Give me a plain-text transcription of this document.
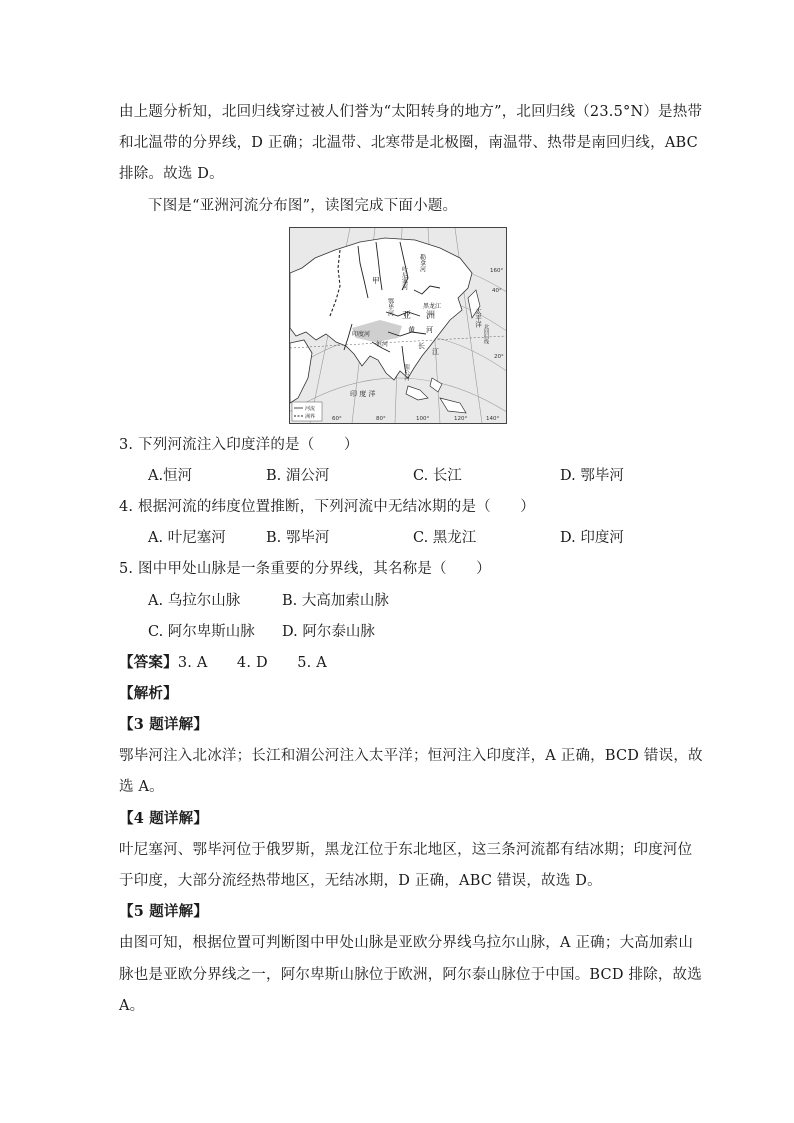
由上题分析知，北回归线穿过被人们誉为“太阳转身的地方”，北回归线（23.5°N）是热带
和北温带的分界线，D 正确；北温带、北寒带是北极圈，南温带、热带是南回归线，ABC
排除。故选 D。
下图是“亚洲河流分布图”，读图完成下面小题。
甲
鄂毕河
叶尼塞河
勒拿河
黑龙江
太平洋
亚 洲
印度河
恒河
黄 河
长
江
湄公河
印 度 洋
北回归线
60°	80°	100°	120°	140°
160°
40°
20°
河流
洲界
3. 下列河流注入印度洋的是（　　）
A.恒河	B. 湄公河	C. 长江	D. 鄂毕河
4. 根据河流的纬度位置推断，下列河流中无结冰期的是（　　）
A. 叶尼塞河	B. 鄂毕河	C. 黑龙江	D. 印度河
5. 图中甲处山脉是一条重要的分界线，其名称是（　　）
A. 乌拉尔山脉	B. 大高加索山脉
C. 阿尔卑斯山脉 D. 阿尔泰山脉
【答案】3. A　　4. D　　5. A
【解析】
【3 题详解】
鄂毕河注入北冰洋；长江和湄公河注入太平洋；恒河注入印度洋，A 正确，BCD 错误，故
选 A。
【4 题详解】
叶尼塞河、鄂毕河位于俄罗斯，黑龙江位于东北地区，这三条河流都有结冰期；印度河位
于印度，大部分流经热带地区，无结冰期，D 正确，ABC 错误，故选 D。
【5 题详解】
由图可知，根据位置可判断图中甲处山脉是亚欧分界线乌拉尔山脉，A 正确；大高加索山
脉也是亚欧分界线之一，阿尔卑斯山脉位于欧洲，阿尔泰山脉位于中国。BCD 排除，故选
A。
